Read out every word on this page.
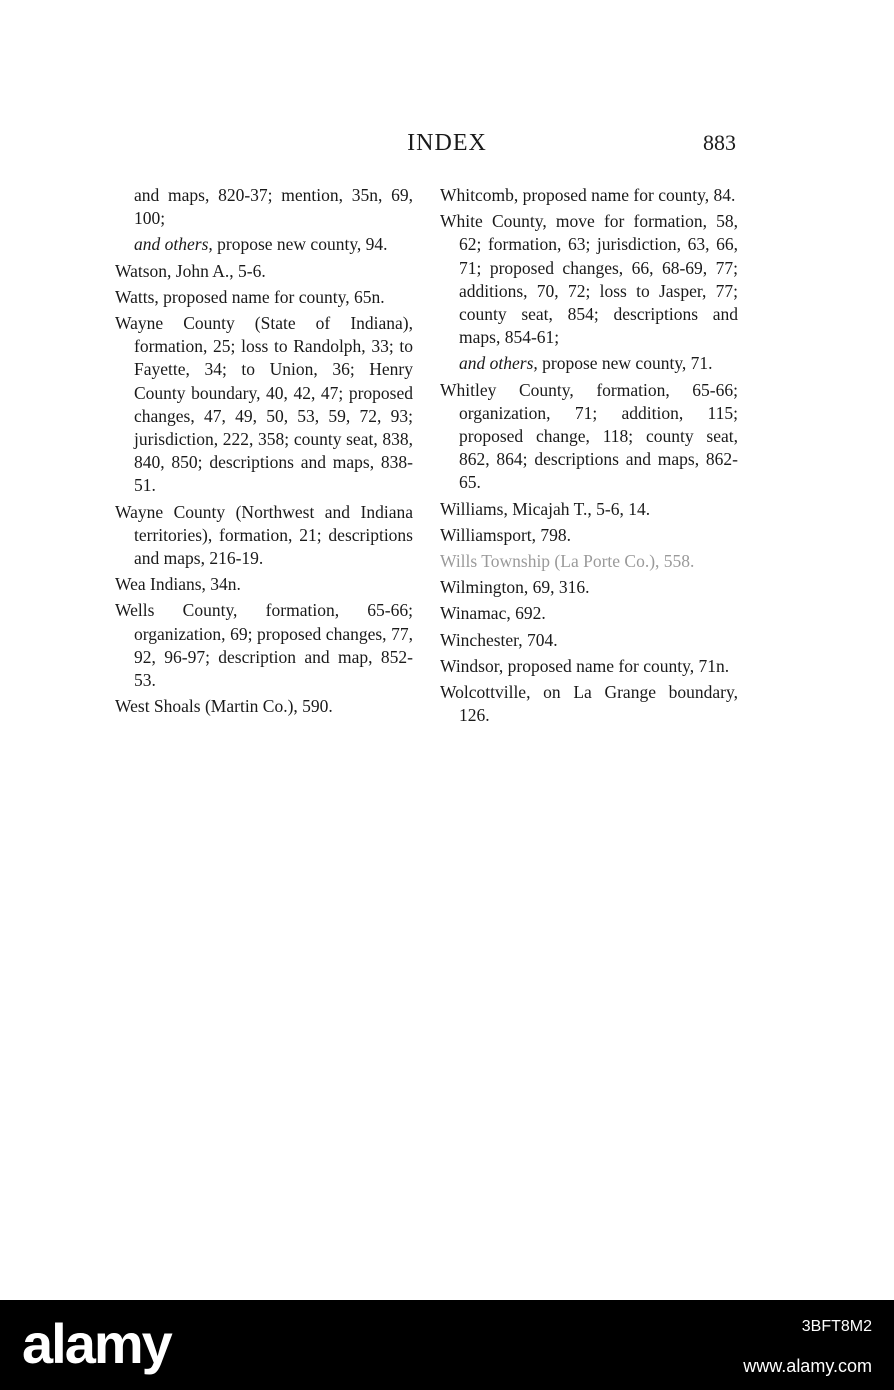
INDEX	883

and maps, 820-37; mention, 35n, 69, 100;

and others, propose new county, 94.

Watson, John A., 5-6.

Watts, proposed name for county, 65n.

Wayne County (State of Indiana), formation, 25; loss to Randolph, 33; to Fayette, 34; to Union, 36; Henry County boundary, 40, 42, 47; proposed changes, 47, 49, 50, 53, 59, 72, 93; jurisdiction, 222, 358; county seat, 838, 840, 850; descriptions and maps, 838-51.

Wayne County (Northwest and Indiana territories), formation, 21; descriptions and maps, 216-19.

Wea Indians, 34n.

Wells County, formation, 65-66; organization, 69; proposed changes, 77, 92, 96-97; description and map, 852-53.

West Shoals (Martin Co.), 590.

Whitcomb, proposed name for county, 84.

White County, move for formation, 58, 62; formation, 63; jurisdiction, 63, 66, 71; proposed changes, 66, 68-69, 77; additions, 70, 72; loss to Jasper, 77; county seat, 854; descriptions and maps, 854-61;

and others, propose new county, 71.

Whitley County, formation, 65-66; organization, 71; addition, 115; proposed change, 118; county seat, 862, 864; descriptions and maps, 862-65.

Williams, Micajah T., 5-6, 14.

Williamsport, 798.

Wills Township (La Porte Co.), 558.

Wilmington, 69, 316.

Winamac, 692.

Winchester, 704.

Windsor, proposed name for county, 71n.

Wolcottville, on La Grange boundary, 126.

alamy	3BFT8M2
www.alamy.com
